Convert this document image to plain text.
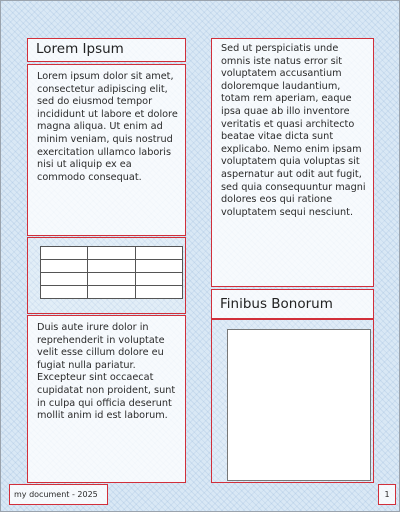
Lorem Ipsum
Lorem ipsum dolor sit amet, consectetur adipiscing elit, sed do eiusmod tempor incididunt ut labore et dolore magna aliqua. Ut enim ad minim veniam, quis nostrud exercitation ullamco laboris nisi ut aliquip ex ea commodo consequat.

Duis aute irure dolor in reprehenderit in voluptate velit esse cillum dolore eu fugiat nulla pariatur. Excepteur sint occaecat cupidatat non proident, sunt in culpa qui officia deserunt mollit anim id est laborum.
Sed ut perspiciatis unde omnis iste natus error sit voluptatem accusantium doloremque laudantium, totam rem aperiam, eaque ipsa quae ab illo inventore veritatis et quasi architecto beatae vitae dicta sunt explicabo. Nemo enim ipsam voluptatem quia voluptas sit aspernatur aut odit aut fugit, sed quia consequuntur magni dolores eos qui ratione voluptatem sequi nesciunt.
Finibus Bonorum
my document - 2025	1
